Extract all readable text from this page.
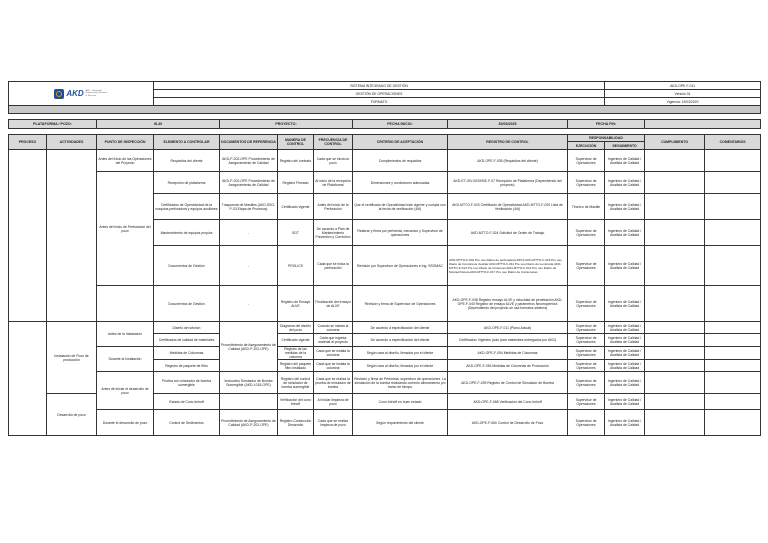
AKD AKD - Integrated Engineering Solutions & Services			SISTEMA INTEGRADO DE GESTIÓN							AKD-OPE-F-011		
			GESTIÓN DE OPERACIONES							Versión 01		
			FORMATO							Vigencia: 13/03/2020		

PLATAFORMA / POZO:		IS-40		PROYECTO:			FECHA INICIO:	30/03/2025	FECHA FIN:			

PROCESO	ACTIVIDADES	PUNTO DE INSPECCIÓN	ELEMENTO A CONTROLAR	DOCUMENTOS DE REFERENCIA	MANERA DE CONTROL	FRECUENCIA DE CONTROL	CRITERIO DE ACEPTACIÓN	REGISTRO DE CONTROL	RESPONSABILIDAD		CUMPLIMIENTO	COMENTARIOS
									EJECUCIÓN	SEGUIMIENTO		
		Antes del Inicio de las Operaciones del Proyecto	Requisitos del cliente	AKD-P-202-OPE Procedimiento de Aseguramiento de Calidad	Registro del contrato	Cada que se inicia un pozo	Cumplimientos de requisitos	AKD-OPE-F-035 (Requisitos del cliente)	Supervisor de Operaciones	Ingeniero de Calidad / Analista de Calidad		
		Antes del inicio de Perforación del pozo	Recepción de plataforma	AKD-P-202-OPE Procedimiento de Aseguramiento de Calidad	Registro Firmado	Al inicio de la recepción de Plataforma	Dimensiones y condiciones adecuadas	AKD-ET-OIV-003/HSE-F-07 Recepción de Plataforma (Dependiendo del proyecto)	Supervisor de Operaciones	Ingeniero de Calidad / Analista de Calidad		
			Certificados de Operatividad de la maquina perforadora y equipos auxiliares	Traspuesta de Mastiles (AKD-SSO-P-03 Etapa de Procesos)	Certificado vigente	Antes del inicio de la Perforación	Que el certificado de Operatividad este vigente y cumpla con la fecha de verificación (4/6)	AKD-MTTO-F-003 Certificado de Operatividad AKD-MTTO-F-020 Lista de Verificación (4/6)	Técnico de Mastile	Ingeniero de Calidad / Analista de Calidad		
			Mantenimiento de equipos propios	-	SGT	De acuerdo a Plan de Mantenimiento Preventivo y Correctivo	Realizar y firma por perforista, mecanico y Supervisor de operaciones	AKD-MTTO-F-024 Solicitud de Orden de Trabajo	Supervisor de Operaciones	Ingeniero de Calidad / Analista de Calidad		
			Documentos de Gestión	-	PROLICS	Cada que se inicia la perforación	Revisión por Supervisor de Operaciones e Ing. SSOMAC	AKD-MTTO-F-002 Pre uso Diario de perforadora DP14 AKD-MTTO-F-018 Pre uso Diario de Compresor Auxiliar AKD-MTTO-F-011 Pre uso Diario de Luminaria AKD-MTTO-F-013 Pre uso Diario de Cisternas AKD-MTTO-F-014 Pre uso Diario de Montacrhistera AKD-MTTO-F-017 Pre uso Diario de Camionetas	Supervisor de Operaciones	Ingeniero de Calidad / Analista de Calidad		
			Documentos de Gestión	-	Registro de Ensayo ALVE	Finalización del ensayo de ALVE	Revisión y firma de Supervisor de Operaciones	AKD-OPE-F-038 Registro ensayo ALVE y velocidad de penetración AKD-OPE-F-040 Registro de ensayo ALVE y parámetros Neumoperfora (Dependiendo del proyecto se usa formatos sistema)	Supervisor de Operaciones	Ingeniero de Calidad / Analista de Calidad		
	Instalación de Pozo de producción	Antes de la Instalación	Diseño del sifonón	Procedimiento de Aseguramiento de Calidad (AKD-P-202-OPE)	Diagrama del diseño del pozo	Cuando se instala la columna	De acuerdo a especificación del cliente	AKD-OPE-F-011 (Plano Actual)	Supervisor de Operaciones	Ingeniero de Calidad / Analista de Calidad		
			Certificados de calidad de materiales		Certificado vigente	Cada que ingresa material al proyecto	De acuerdo a especificación del cliente	Certificados Vigentes (solo para materiales entregados por AKD)	Supervisor de Operaciones	Ingeniero de Calidad / Analista de Calidad		
		Durante la Instalación	Medidas de Columnas		Registro de las medidas de la columna	Cada que se instala la columna	Según cara al diseño, llenados por el cliente	AKD-OPE-F-054 Medidas de Columnas	Supervisor de Operaciones	Ingeniero de Calidad / Analista de Calidad		
			Registro de paquete de filtro		Registro del paquete filtro instalado	Cada que se instala la columna	Según cara al diseño, llenados por el cliente	AKD-OPE-F-054 Medidas de Columnas de Producción	Supervisor de Operaciones	Ingeniero de Calidad / Analista de Calidad		
		Antes de iniciar el desarrollo de pozo	Prueba con simulador de bomba sumergible	Instructivo Simulador de Bomba Sumergible (AKD-I-015-OPE)	Registro del control de simulador de bomba sumergible	Cada que se realiza la prueba de simulador de bomba	Revisión y firma de Perforista, supervisor de operaciones. La simulación de la bomba realizando correcto alineamiento y/o tramo de tiempo	AKD-OPE-F-039 Registro de Control de Simulador de Bomba	Supervisor de Operaciones	Ingeniero de Calidad / Analista de Calidad		
	Desarrollo de pozo		Estado de Cono Imhoff		Verificación del cono imhoff	Al iniciar limpieza de pozo	Cono Imhoff en buen estado	AKD-OPE-F-068 Verificación del Cono Imhoff	Supervisor de Operaciones	Ingeniero de Calidad / Analista de Calidad		
		Durante el desarrollo de pozo	Control de Sedimentos	Procedimiento de Aseguramiento de Calidad (AKD-P-202-OPE)	Registro Conducción Desarrollo	Cada que se realiza limpieza de pozo	Según requerimiento del cliente	AKD-OPE-F-060 Control de Desarrollo de Pozo	Supervisor de Operaciones	Ingeniero de Calidad / Analista de Calidad		
